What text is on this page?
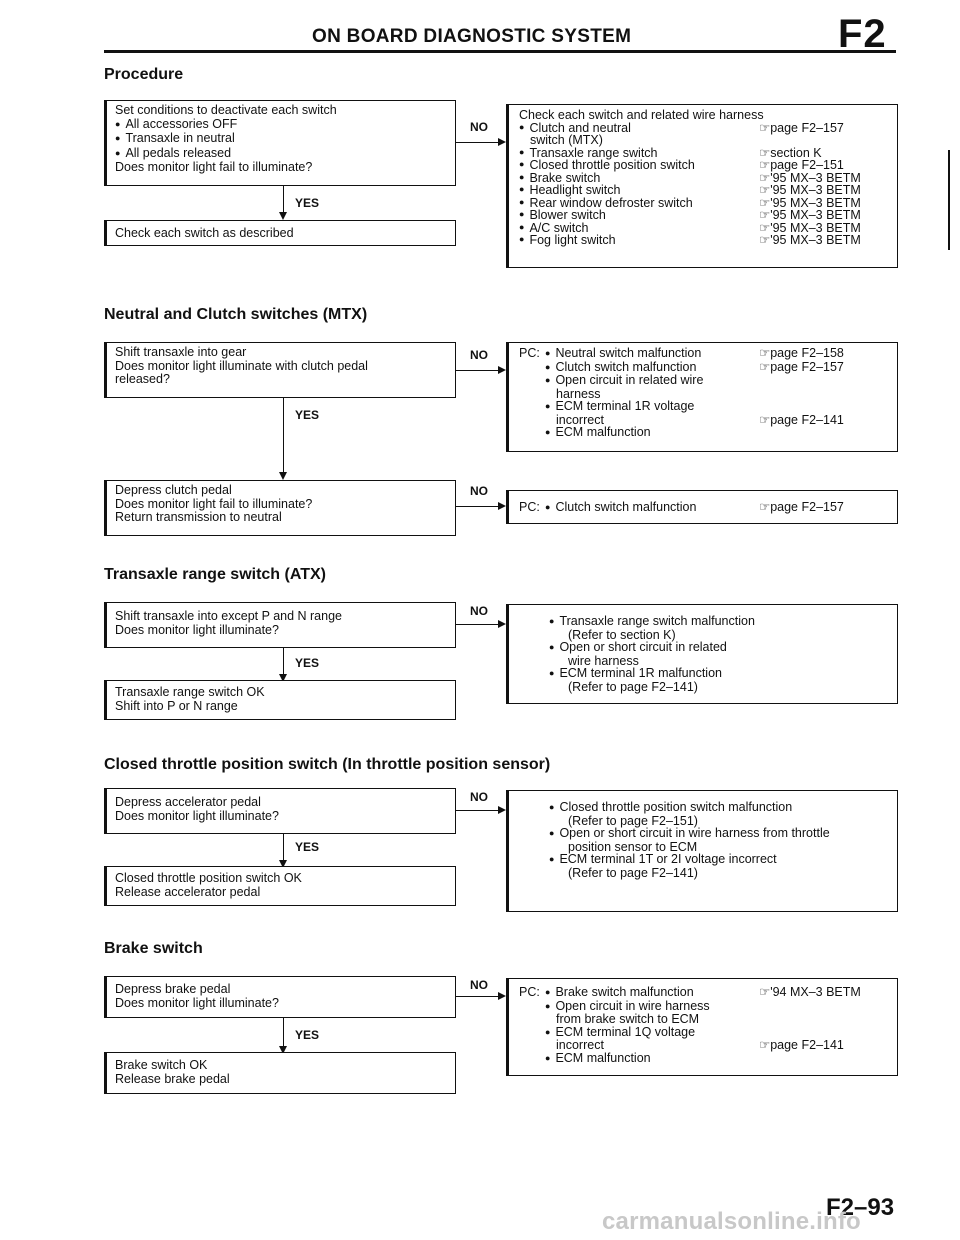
ON BOARD DIAGNOSTIC SYSTEM	F2
Procedure
Set conditions to deactivate each switch
● All accessories OFF
● Transaxle in neutral
● All pedals released
Does monitor light fail to illuminate?
NO
YES
Check each switch as described
Check each switch and related wire harness
● Clutch and neutral	☞page F2–157
switch (MTX)
● Transaxle range switch	☞section K
● Closed throttle position switch	☞page F2–151
● Brake switch	☞'95 MX–3 BETM
● Headlight switch	☞'95 MX–3 BETM
● Rear window defroster switch	☞'95 MX–3 BETM
● Blower switch	☞'95 MX–3 BETM
● A/C switch	☞'95 MX–3 BETM
● Fog light switch	☞'95 MX–3 BETM
Neutral and Clutch switches (MTX)
Shift transaxle into gear
Does monitor light illuminate with clutch pedal
released?
NO
YES
PC:	● Neutral switch malfunction	☞page F2–158
● Clutch switch malfunction	☞page F2–157
● Open circuit in related wire
harness
● ECM terminal 1R voltage
incorrect	☞page F2–141
● ECM malfunction
Depress clutch pedal
Does monitor light fail to illuminate?
Return transmission to neutral
NO
PC:	● Clutch switch malfunction	☞page F2–157
Transaxle range switch (ATX)
Shift transaxle into except P and N range
Does monitor light illuminate?
NO
YES
Transaxle range switch OK
Shift into P or N range
● Transaxle range switch malfunction
(Refer to section K)
● Open or short circuit in related
wire harness
● ECM terminal 1R malfunction
(Refer to page F2–141)
Closed throttle position switch (In throttle position sensor)
Depress accelerator pedal
Does monitor light illuminate?
NO
YES
Closed throttle position switch OK
Release accelerator pedal
● Closed throttle position switch malfunction
(Refer to page F2–151)
● Open or short circuit in wire harness from throttle
position sensor to ECM
● ECM terminal 1T or 2I voltage incorrect
(Refer to page F2–141)
Brake switch
Depress brake pedal
Does monitor light illuminate?
NO
YES
Brake switch OK
Release brake pedal
PC:	● Brake switch malfunction	☞'94 MX–3 BETM
● Open circuit in wire harness
from brake switch to ECM
● ECM terminal 1Q voltage
incorrect	☞page F2–141
● ECM malfunction
F2–93
carmanualsonline.info
